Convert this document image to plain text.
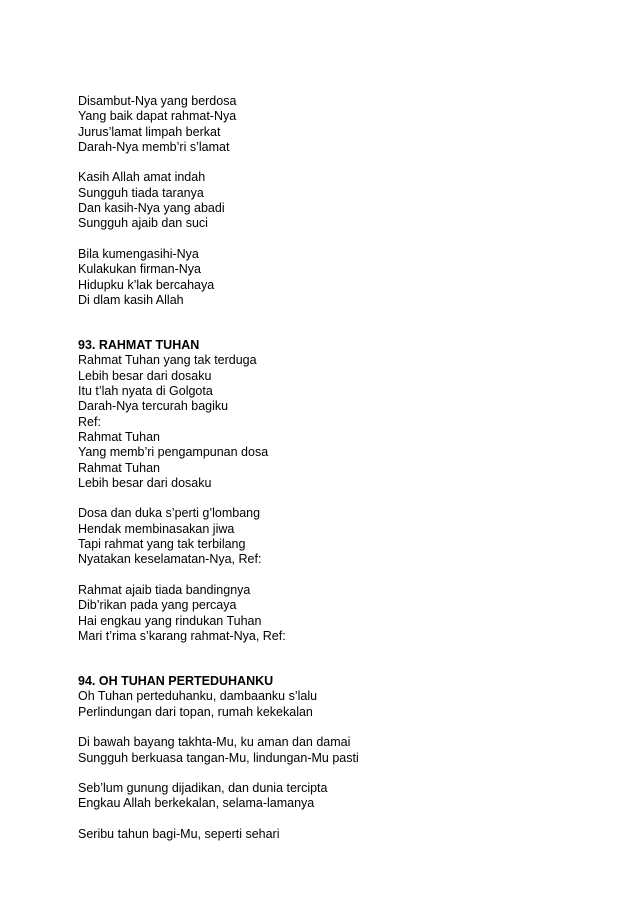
Disambut-Nya yang berdosa
Yang baik dapat rahmat-Nya
Jurus’lamat limpah berkat
Darah-Nya memb’ri s’lamat
Kasih Allah amat indah
Sungguh tiada taranya
Dan kasih-Nya yang abadi
Sungguh ajaib dan suci
Bila kumengasihi-Nya
Kulakukan firman-Nya
Hidupku k’lak bercahaya
Di dlam kasih Allah
93. RAHMAT TUHAN
Rahmat Tuhan yang tak terduga
Lebih besar dari dosaku
Itu t’lah nyata di Golgota
Darah-Nya tercurah bagiku
Ref:
Rahmat Tuhan
Yang memb’ri pengampunan dosa
Rahmat Tuhan
Lebih besar dari dosaku
Dosa dan duka s’perti g’lombang
Hendak membinasakan jiwa
Tapi rahmat yang tak terbilang
Nyatakan keselamatan-Nya, Ref:
Rahmat ajaib tiada bandingnya
Dib’rikan pada yang percaya
Hai engkau yang rindukan Tuhan
Mari t’rima s’karang rahmat-Nya, Ref:
94. OH TUHAN PERTEDUHANKU
Oh Tuhan perteduhanku, dambaanku s’lalu
Perlindungan dari topan, rumah kekekalan
Di bawah bayang takhta-Mu, ku aman dan damai
Sungguh berkuasa tangan-Mu, lindungan-Mu pasti
Seb’lum gunung dijadikan, dan dunia tercipta
Engkau Allah berkekalan, selama-lamanya
Seribu tahun bagi-Mu, seperti sehari
